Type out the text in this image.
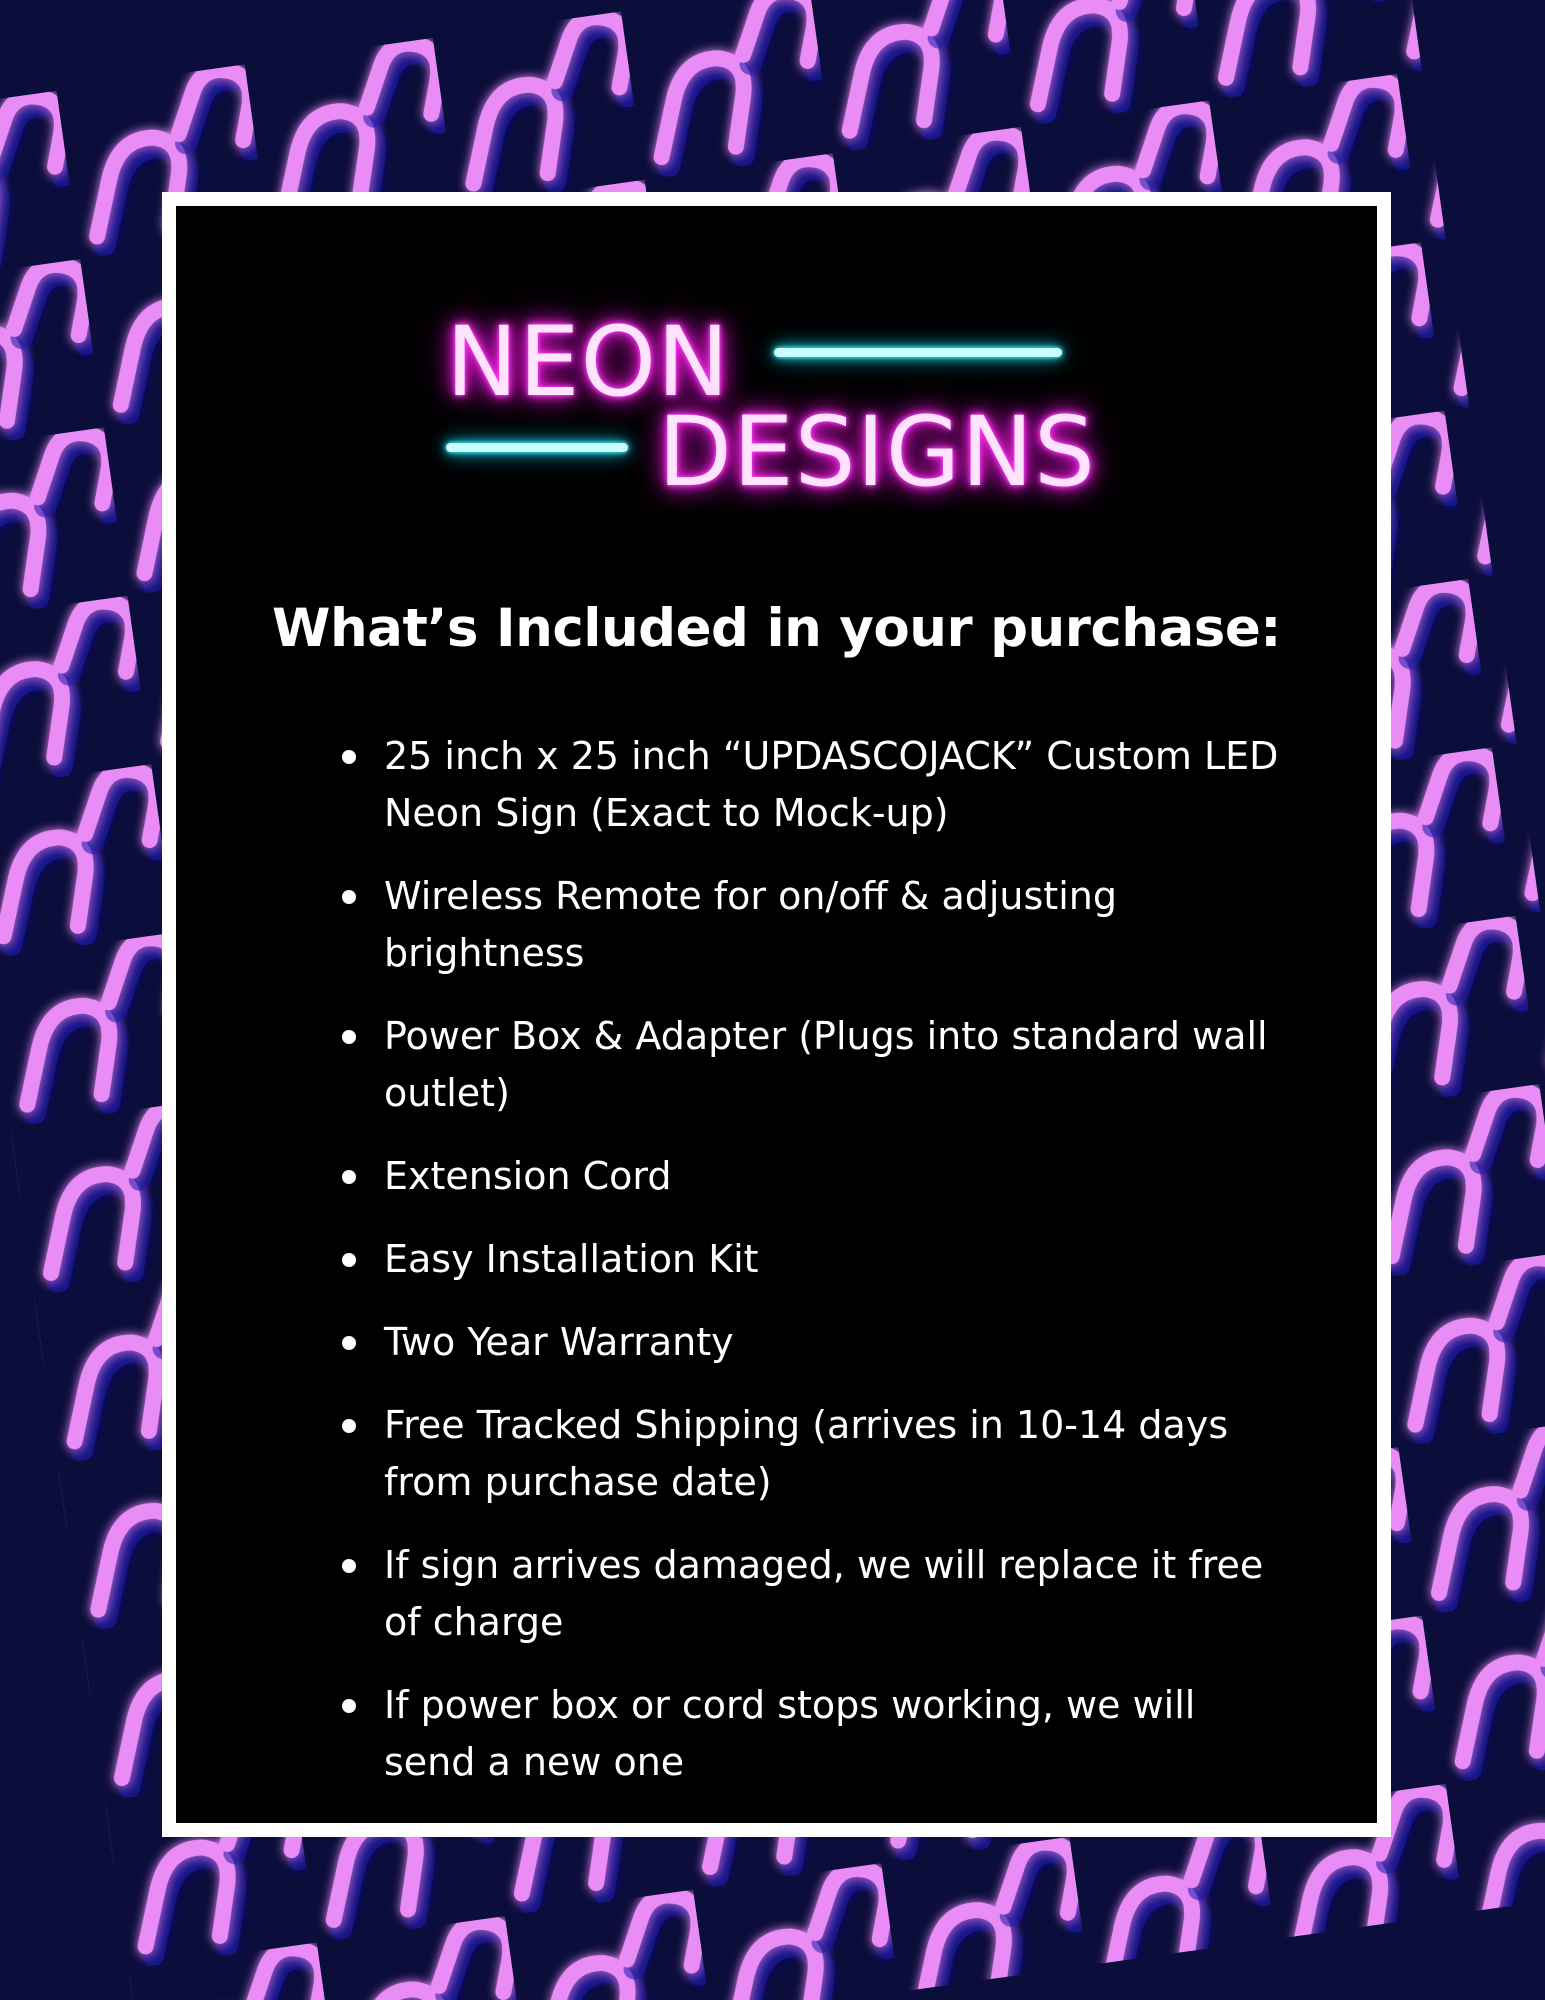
NEON
DESIGNS
What’s Included in your purchase:
25 inch x 25 inch “UPDASCOJACK” Custom LED Neon Sign (Exact to Mock-up)
Wireless Remote for on/off & adjusting brightness
Power Box & Adapter (Plugs into standard wall outlet)
Extension Cord
Easy Installation Kit
Two Year Warranty
Free Tracked Shipping (arrives in 10-14 days from purchase date)
If sign arrives damaged, we will replace it free of charge
If power box or cord stops working, we will send a new one
